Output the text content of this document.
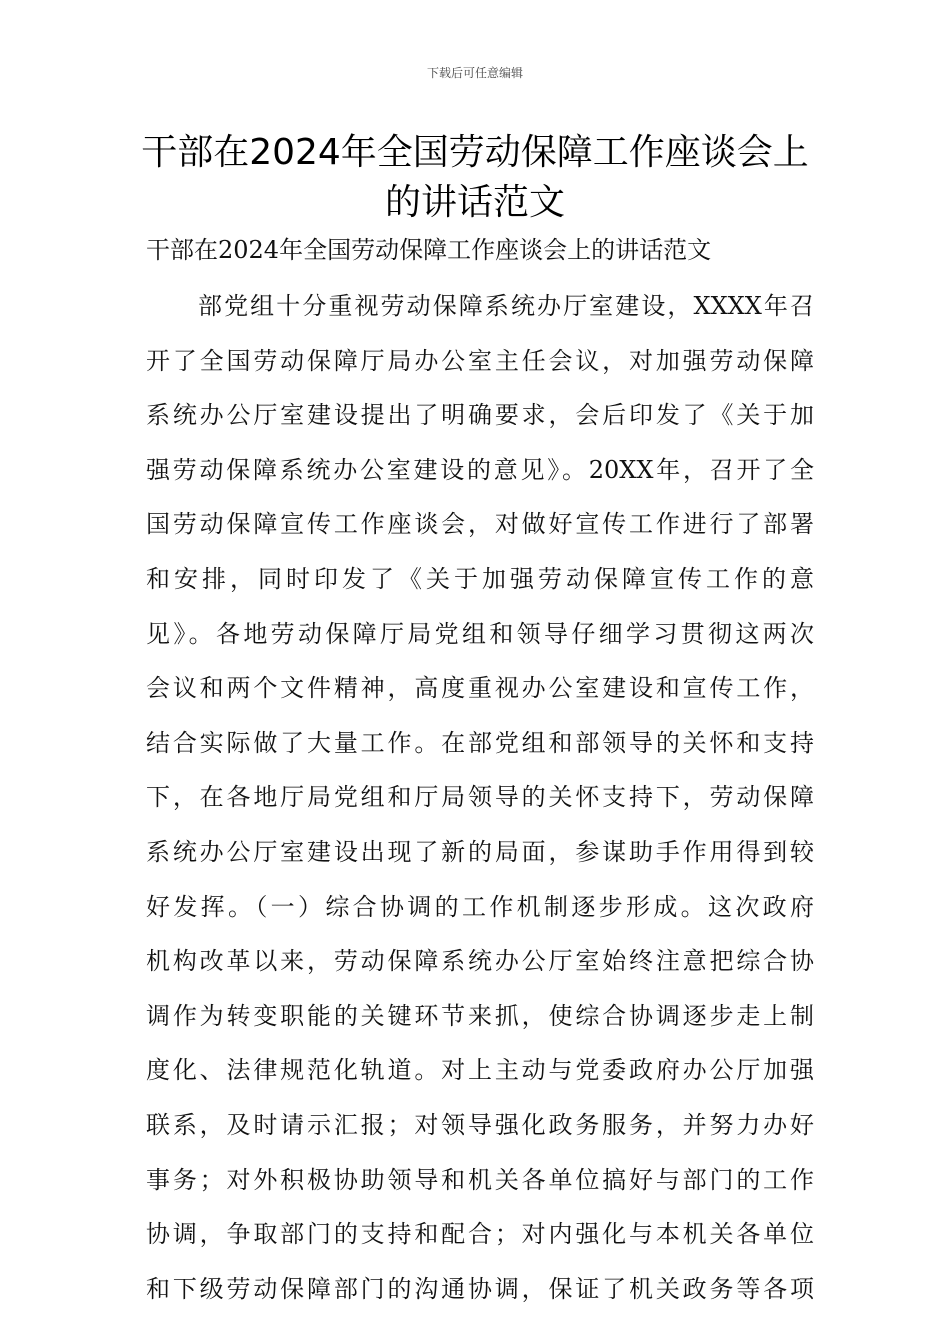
下载后可任意编辑
干部在2024年全国劳动保障工作座谈会上
的讲话范文

干部在2024年全国劳动保障工作座谈会上的讲话范文

部党组十分重视劳动保障系统办厅室建设，XXXX年召
开了全国劳动保障厅局办公室主任会议，对加强劳动保障
系统办公厅室建设提出了明确要求，会后印发了《关于加
强劳动保障系统办公室建设的意见》。20XX年，召开了全
国劳动保障宣传工作座谈会，对做好宣传工作进行了部署
和安排，同时印发了《关于加强劳动保障宣传工作的意
见》。各地劳动保障厅局党组和领导仔细学习贯彻这两次
会议和两个文件精神，高度重视办公室建设和宣传工作，
结合实际做了大量工作。在部党组和部领导的关怀和支持
下，在各地厅局党组和厅局领导的关怀支持下，劳动保障
系统办公厅室建设出现了新的局面，参谋助手作用得到较
好发挥。（一）综合协调的工作机制逐步形成。这次政府
机构改革以来，劳动保障系统办公厅室始终注意把综合协
调作为转变职能的关键环节来抓，使综合协调逐步走上制
度化、法律规范化轨道。对上主动与党委政府办公厅加强
联系，及时请示汇报；对领导强化政务服务，并努力办好
事务；对外积极协助领导和机关各单位搞好与部门的工作
协调，争取部门的支持和配合；对内强化与本机关各单位
和下级劳动保障部门的沟通协调，保证了机关政务等各项
